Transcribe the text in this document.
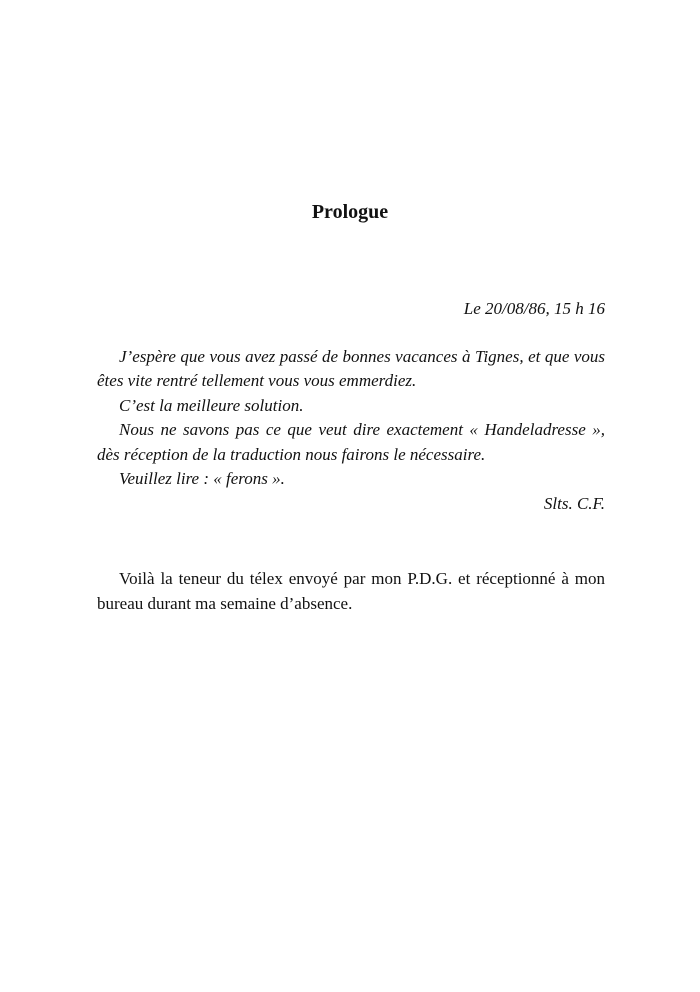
Prologue

Le 20/08/86, 15 h 16

J’espère que vous avez passé de bonnes vacances à Tignes, et que vous êtes vite rentré tellement vous vous emmerdiez.

C’est la meilleure solution.

Nous ne savons pas ce que veut dire exactement « Handeladresse », dès réception de la traduction nous fairons le nécessaire.

Veuillez lire : « ferons ».

Slts. C.F.

Voilà la teneur du télex envoyé par mon P.D.G. et réceptionné à mon bureau durant ma semaine d’absence.
